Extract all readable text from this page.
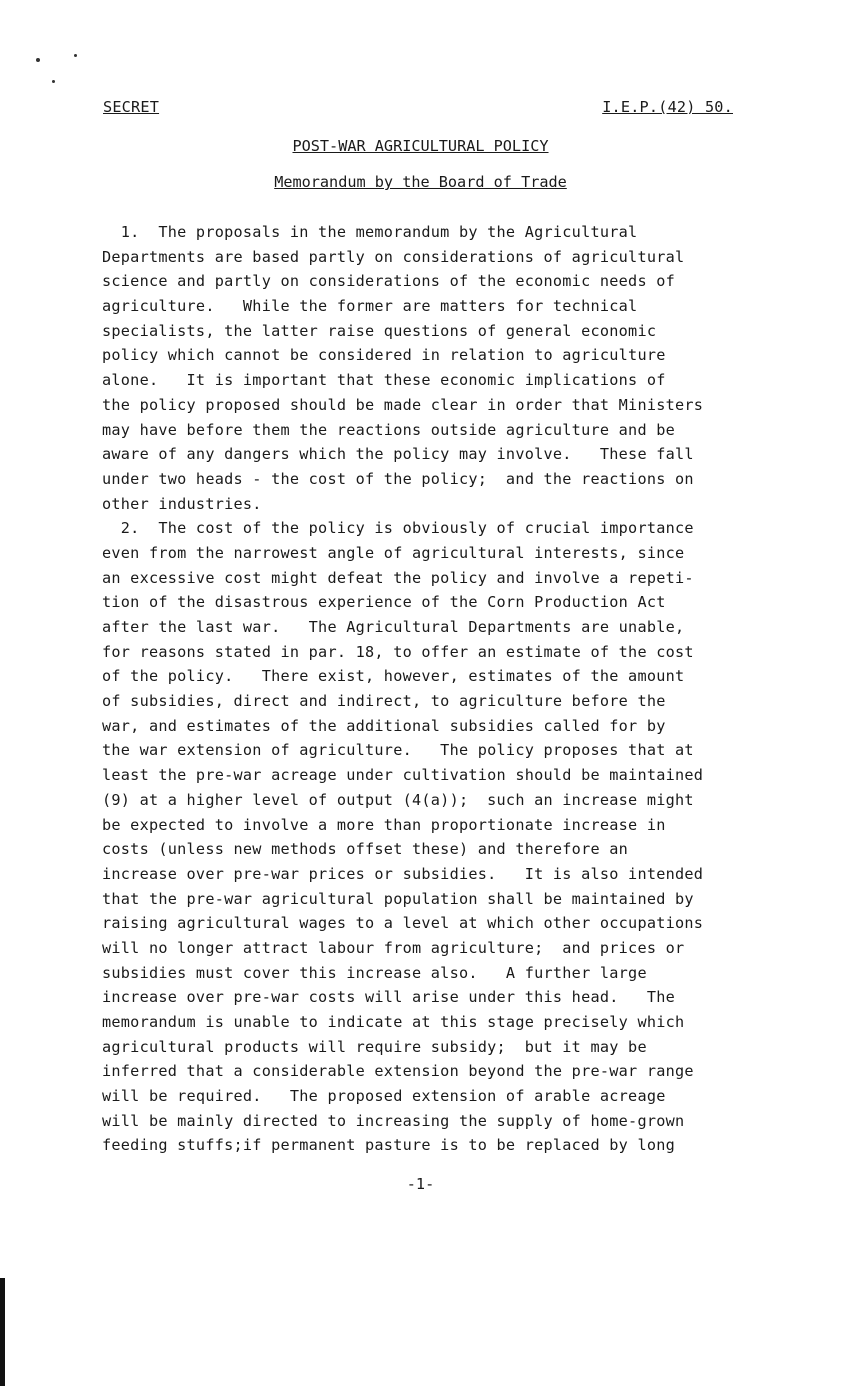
SECRET	I.E.P.(42) 50.
POST-WAR AGRICULTURAL POLICY
Memorandum by the Board of Trade
1.  The proposals in the memorandum by the Agricultural
Departments are based partly on considerations of agricultural
science and partly on considerations of the economic needs of
agriculture.   While the former are matters for technical
specialists, the latter raise questions of general economic
policy which cannot be considered in relation to agriculture
alone.   It is important that these economic implications of
the policy proposed should be made clear in order that Ministers
may have before them the reactions outside agriculture and be
aware of any dangers which the policy may involve.   These fall
under two heads - the cost of the policy;  and the reactions on
other industries.
2.  The cost of the policy is obviously of crucial importance
even from the narrowest angle of agricultural interests, since
an excessive cost might defeat the policy and involve a repeti-
tion of the disastrous experience of the Corn Production Act
after the last war.   The Agricultural Departments are unable,
for reasons stated in par. 18, to offer an estimate of the cost
of the policy.   There exist, however, estimates of the amount
of subsidies, direct and indirect, to agriculture before the
war, and estimates of the additional subsidies called for by
the war extension of agriculture.   The policy proposes that at
least the pre-war acreage under cultivation should be maintained
(9) at a higher level of output (4(a));  such an increase might
be expected to involve a more than proportionate increase in
costs (unless new methods offset these) and therefore an
increase over pre-war prices or subsidies.   It is also intended
that the pre-war agricultural population shall be maintained by
raising agricultural wages to a level at which other occupations
will no longer attract labour from agriculture;  and prices or
subsidies must cover this increase also.   A further large
increase over pre-war costs will arise under this head.   The
memorandum is unable to indicate at this stage precisely which
agricultural products will require subsidy;  but it may be
inferred that a considerable extension beyond the pre-war range
will be required.   The proposed extension of arable acreage
will be mainly directed to increasing the supply of home-grown
feeding stuffs;if permanent pasture is to be replaced by long
-1-
